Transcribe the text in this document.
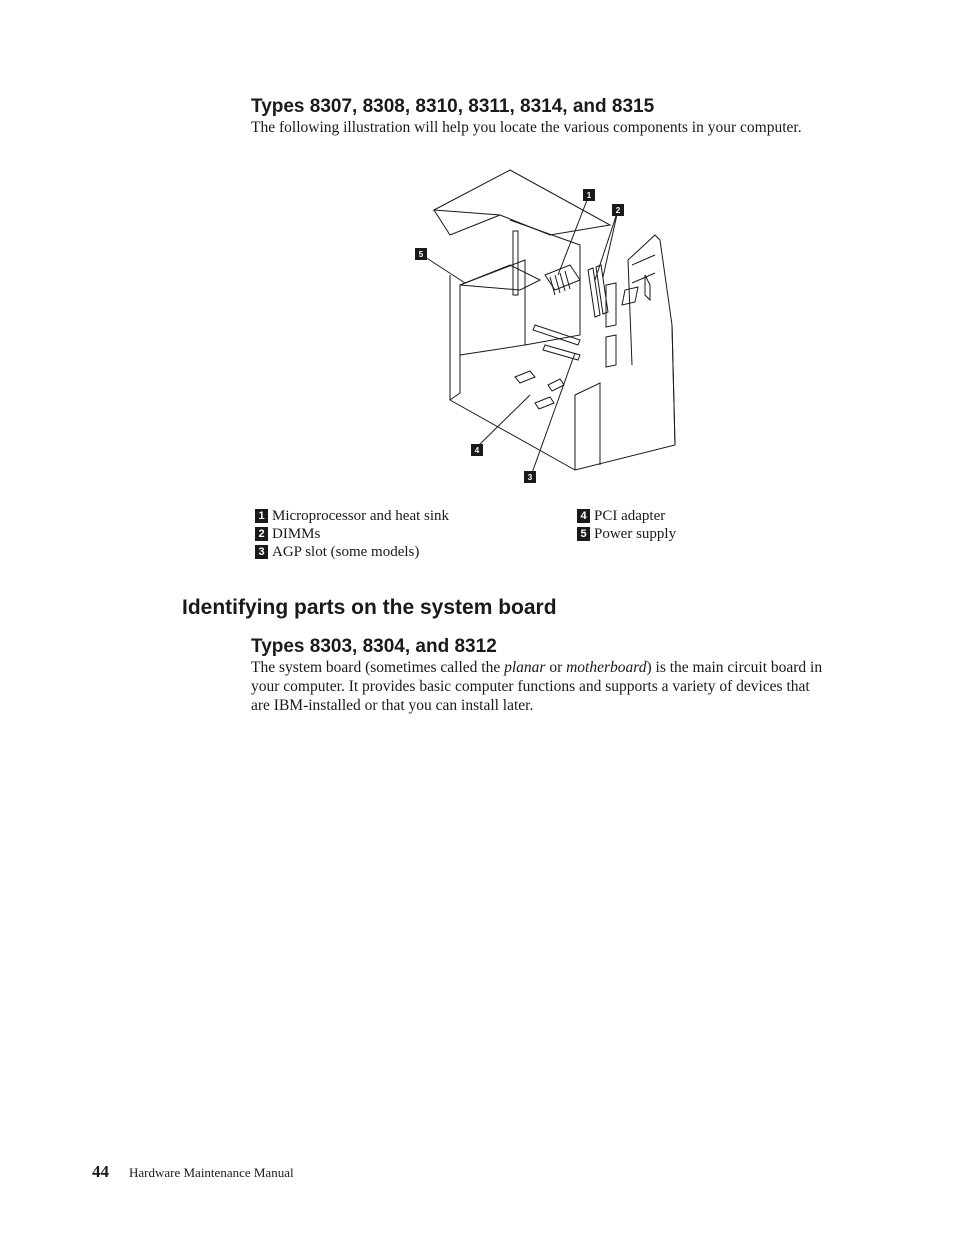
Types 8307, 8308, 8310, 8311, 8314, and 8315
The following illustration will help you locate the various components in your computer.
1
2
3
4
5
1 Microprocessor and heat sink
2 DIMMs
3 AGP slot (some models)
4 PCI adapter
5 Power supply
Identifying parts on the system board
Types 8303, 8304, and 8312
The system board (sometimes called the planar or motherboard) is the main circuit board in your computer. It provides basic computer functions and supports a variety of devices that are IBM-installed or that you can install later.
44 Hardware Maintenance Manual
